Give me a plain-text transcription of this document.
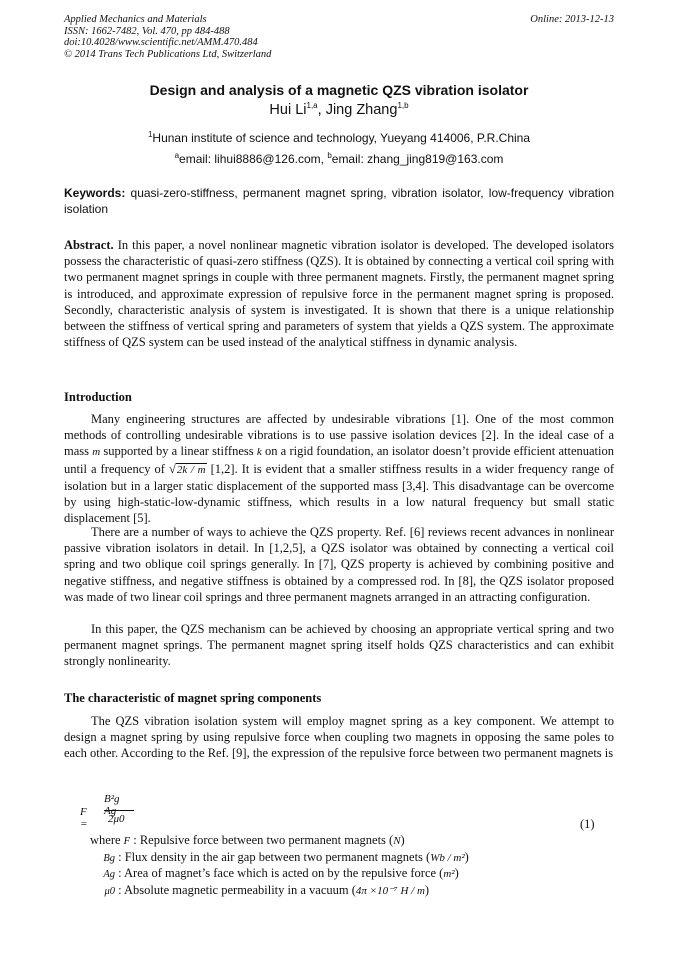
Applied Mechanics and Materials
ISSN: 1662-7482, Vol. 470, pp 484-488
doi:10.4028/www.scientific.net/AMM.470.484
© 2014 Trans Tech Publications Ltd, Switzerland
Online: 2013-12-13
Design and analysis of a magnetic QZS vibration isolator
Hui Li$^{1,a}$, Jing Zhang$^{1,b}$
$^1$Hunan institute of science and technology, Yueyang 414006, P.R.China
$^a$email: lihui8886@126.com, $^b$email: zhang_jing819@163.com
Keywords: quasi-zero-stiffness, permanent magnet spring, vibration isolator, low-frequency vibration isolation
Abstract. In this paper, a novel nonlinear magnetic vibration isolator is developed. The developed isolators possess the characteristic of quasi-zero stiffness (QZS). It is obtained by connecting a vertical coil spring with two permanent magnet springs in couple with three permanent magnets. Firstly, the permanent magnet spring is introduced, and approximate expression of repulsive force in the permanent magnet spring is proposed. Secondly, characteristic analysis of system is investigated. It is shown that there is a unique relationship between the stiffness of vertical spring and parameters of system that yields a QZS system. The approximate stiffness of QZS system can be used instead of the analytical stiffness in dynamic analysis.
Introduction
Many engineering structures are affected by undesirable vibrations [1]. One of the most common methods of controlling undesirable vibrations is to use passive isolation devices [2]. In the ideal case of a mass m supported by a linear stiffness k on a rigid foundation, an isolator doesn’t provide efficient attenuation until a frequency of √2k / m [1,2]. It is evident that a smaller stiffness results in a wider frequency range of isolation but in a larger static displacement of the supported mass [3,4]. This disadvantage can be overcome by using high-static-low-dynamic stiffness, which results in a low natural frequency but small static displacement [5].
There are a number of ways to achieve the QZS property. Ref. [6] reviews recent advances in nonlinear passive vibration isolators in detail. In [1,2,5], a QZS isolator was obtained by connecting a vertical coil spring and two oblique coil springs generally. In [7], QZS property is achieved by combining positive and negative stiffness, and negative stiffness is obtained by a compressed rod. In [8], the QZS isolator proposed was made of two linear coil springs and three permanent magnets arranged in an attracting configuration.
In this paper, the QZS mechanism can be achieved by choosing an appropriate vertical spring and two permanent magnet springs. The permanent magnet spring itself holds QZS characteristics and can exhibit strongly nonlinearity.
The characteristic of magnet spring components
The QZS vibration isolation system will employ magnet spring as a key component. We attempt to design a magnet spring by using repulsive force when coupling two magnets in opposing the same poles to each other. According to the Ref. [9], the expression of the repulsive force between two permanent magnets is
F =
B²g Ag
2μ0	(1)
where F : Repulsive force between two permanent magnets (N)
Bg : Flux density in the air gap between two permanent magnets (Wb / m²)
Ag : Area of magnet’s face which is acted on by the repulsive force (m²)
μ0 : Absolute magnetic permeability in a vacuum (4π ×10⁻⁷ H / m)
